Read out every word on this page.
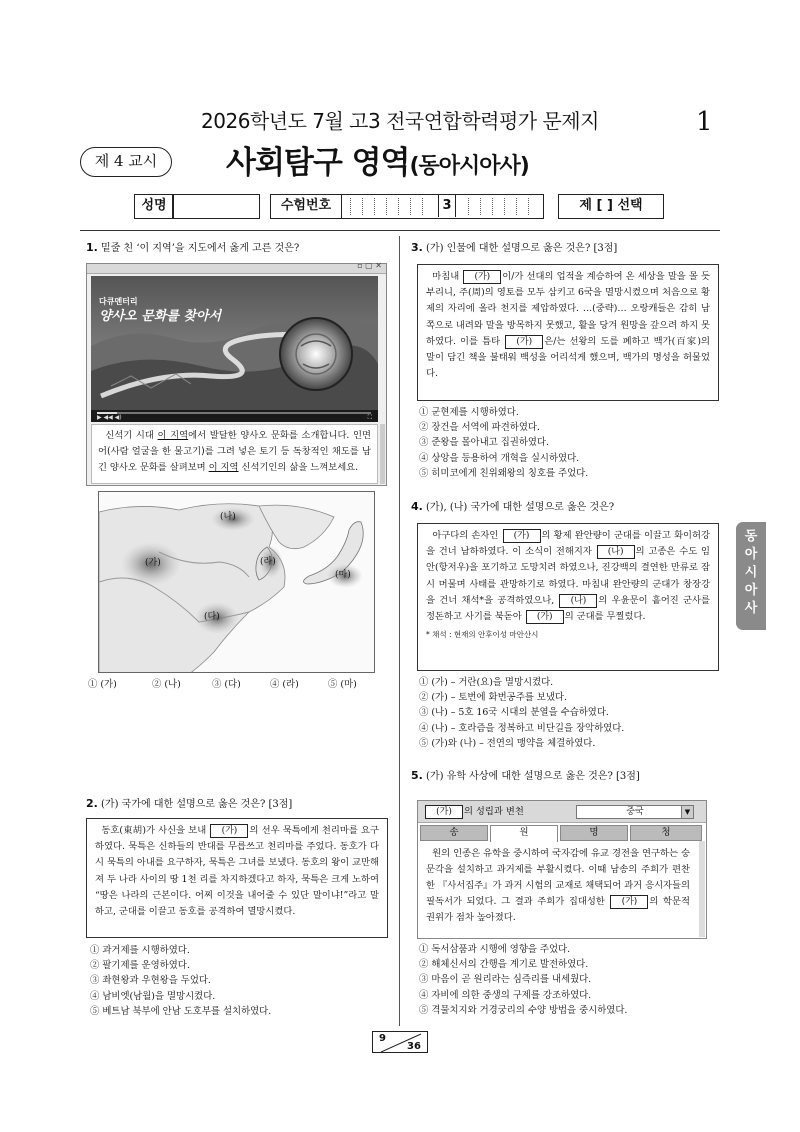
2026학년도 7월 고3 전국연합학력평가 문제지	1
제 4 교시	사회탐구 영역(동아시아사)
성명	수험번호	3	제 [ ] 선택
1. 밑줄 친 ‘이 지역’을 지도에서 옳게 고른 것은?
▫ ▢ ✕
다큐멘터리
양사오 문화를 찾아서
▶ ◀◀ ◀)	⛶
신석기 시대 이 지역에서 발달한 양사오 문화를 소개합니다. 인면어(사람 얼굴을 한 물고기)를 그려 넣은 토기 등 독창적인 채도를 남긴 양사오 문화를 살펴보며 이 지역 신석기인의 삶을 느껴보세요.
(나)
(가)	(라)
(마)
(다)
① (가)	② (나)	③ (다)	④ (라)	⑤ (마)
2. (가) 국가에 대한 설명으로 옳은 것은? [3점]
동호(東胡)가 사신을 보내 (가) 의 선우 묵특에게 천리마를 요구하였다. 묵특은 신하들의 반대를 무릅쓰고 천리마를 주었다. 동호가 다시 묵특의 아내를 요구하자, 묵특은 그녀를 보냈다. 동호의 왕이 교만해져 두 나라 사이의 땅 1천 리를 차지하겠다고 하자, 묵특은 크게 노하여 “땅은 나라의 근본이다. 어찌 이것을 내어줄 수 있단 말이냐!”라고 말하고, 군대를 이끌고 동호를 공격하여 멸망시켰다.
① 과거제를 시행하였다.
② 팔기제를 운영하였다.
③ 좌현왕과 우현왕을 두었다.
④ 남비엣(남월)을 멸망시켰다.
⑤ 베트남 북부에 안남 도호부를 설치하였다.
3. (가) 인물에 대한 설명으로 옳은 것은? [3점]
마침내 (가) 이/가 선대의 업적을 계승하여 온 세상을 말을 몰 듯 부리니, 주(周)의 영토를 모두 삼키고 6국을 멸망시켰으며 처음으로 황제의 자리에 올라 천지를 제압하였다. …(중략)… 오랑캐들은 감히 남쪽으로 내려와 말을 방목하지 못했고, 활을 당겨 원망을 갚으려 하지 못하였다. 이를 틈타 (가) 은/는 선왕의 도를 폐하고 백가(百家)의 말이 담긴 책을 불태워 백성을 어리석게 했으며, 백가의 명성을 허물었다.
① 군현제를 시행하였다.
② 장건을 서역에 파견하였다.
③ 준왕을 몰아내고 집권하였다.
④ 상앙을 등용하여 개혁을 실시하였다.
⑤ 히미코에게 친위왜왕의 칭호를 주었다.
4. (가), (나) 국가에 대한 설명으로 옳은 것은?
아구다의 손자인 (가) 의 황제 완안량이 군대를 이끌고 화이허강을 건너 남하하였다. 이 소식이 전해지자 (나) 의 고종은 수도 임안(항저우)을 포기하고 도망치려 하였으나, 진강백의 결연한 만류로 잠시 머물며 사태를 관망하기로 하였다. 마침내 완안량의 군대가 창장강을 건너 채석*을 공격하였으나, (나) 의 우윤문이 흩어진 군사를 정돈하고 사기를 북돋아 (가) 의 군대를 무찔렀다.
* 채석 : 현재의 안후이성 마안산시
① (가) – 거란(요)을 멸망시켰다.
② (가) – 토번에 화번공주를 보냈다.
③ (나) – 5호 16국 시대의 분열을 수습하였다.
④ (나) – 호라즘을 정복하고 비단길을 장악하였다.
⑤ (가)와 (나) – 전연의 맹약을 체결하였다.
5. (가) 유학 사상에 대한 설명으로 옳은 것은? [3점]
(가) 의 성립과 변천	중국	▼
송	원	명	청
원의 인종은 유학을 중시하여 국자감에 유교 경전을 연구하는 숭문각을 설치하고 과거제를 부활시켰다. 이때 남송의 주희가 편찬한 『사서집주』가 과거 시험의 교재로 채택되어 과거 응시자들의 필독서가 되었다. 그 결과 주희가 집대성한 (가) 의 학문적 권위가 점차 높아졌다.
① 독서삼품과 시행에 영향을 주었다.
② 해체신서의 간행을 계기로 발전하였다.
③ 마음이 곧 원리라는 심즉리를 내세웠다.
④ 자비에 의한 중생의 구제를 강조하였다.
⑤ 격물치지와 거경궁리의 수양 방법을 중시하였다.
동아시아사
9
36
